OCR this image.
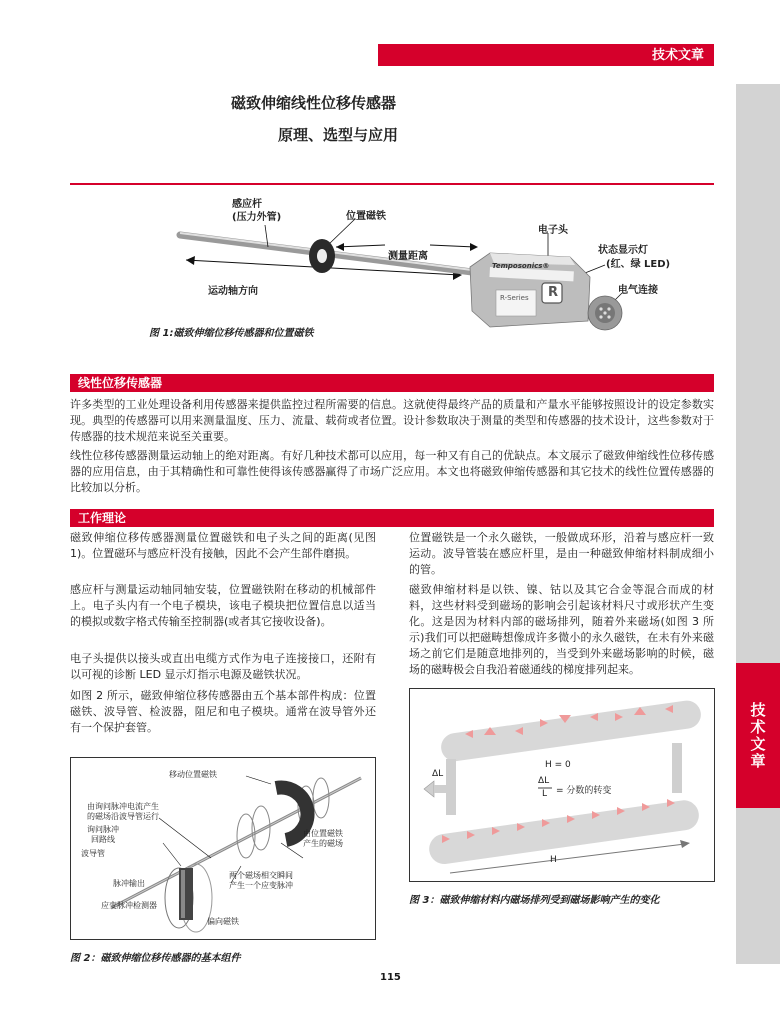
技术文章
技术文章
磁致伸缩线性位移传感器
原理、选型与应用
感应杆
(压力外管)	位置磁铁
电子头
状态显示灯
(红、绿 LED)
测量距离
运动轴方向	电气连接
Temposonics®
R-Series R
图 1:磁致伸缩位移传感器和位置磁铁
线性位移传感器
许多类型的工业处理设备利用传感器来提供监控过程所需要的信息。这就使得最终产品的质量和产量水平能够按照设计的设定参数实现。典型的传感器可以用来测量温度、压力、流量、载荷或者位置。设计参数取决于测量的类型和传感器的技术设计，这些参数对于传感器的技术规范来说至关重要。
线性位移传感器测量运动轴上的绝对距离。有好几种技术都可以应用，每一种又有自己的优缺点。本文展示了磁致伸缩线性位移传感器的应用信息，由于其精确性和可靠性使得该传感器赢得了市场广泛应用。本文也将磁致伸缩传感器和其它技术的线性位置传感器的比较加以分析。
工作理论
磁致伸缩位移传感器测量位置磁铁和电子头之间的距离(见图 1)。位置磁环与感应杆没有接触，因此不会产生部件磨损。
感应杆与测量运动轴同轴安装，位置磁铁附在移动的机械部件上。电子头内有一个电子模块，该电子模块把位置信息以适当的模拟或数字格式传输至控制器(或者其它接收设备)。
电子头提供以接头或直出电缆方式作为电子连接接口，还附有以可视的诊断 LED 显示灯指示电源及磁铁状况。
如图 2 所示，磁致伸缩位移传感器由五个基本部件构成：位置磁铁、波导管、检波器，阻尼和电子模块。通常在波导管外还有一个保护套管。
位置磁铁是一个永久磁铁，一般做成环形，沿着与感应杆一致运动。波导管装在感应杆里，是由一种磁致伸缩材料制成细小的管。
磁致伸缩材料是以铁、镍、钴以及其它合金等混合而成的材料，这些材料受到磁场的影响会引起该材料尺寸或形状产生变化。这是因为材料内部的磁场排列，随着外来磁场(如图 3 所示)我们可以把磁畴想像成许多微小的永久磁铁，在未有外来磁场之前它们是随意地排列的，当受到外来磁场影响的时候，磁场的磁畴极会自我沿着磁通线的梯度排列起来。
移动位置磁铁
由询问脉冲电流产生
的磁场沿波导管运行
询问脉冲
回路线
波导管
脉冲输出
应变脉冲检测器
偏向磁铁
两个磁场相交瞬间
产生一个应变脉冲
由位置磁铁
产生的磁场
图 2：磁致伸缩位移传感器的基本组件
H = 0
ΔL
ΔL
L = 分数的转变
H
图 3：磁致伸缩材料内磁场排列受到磁场影响产生的变化
115
